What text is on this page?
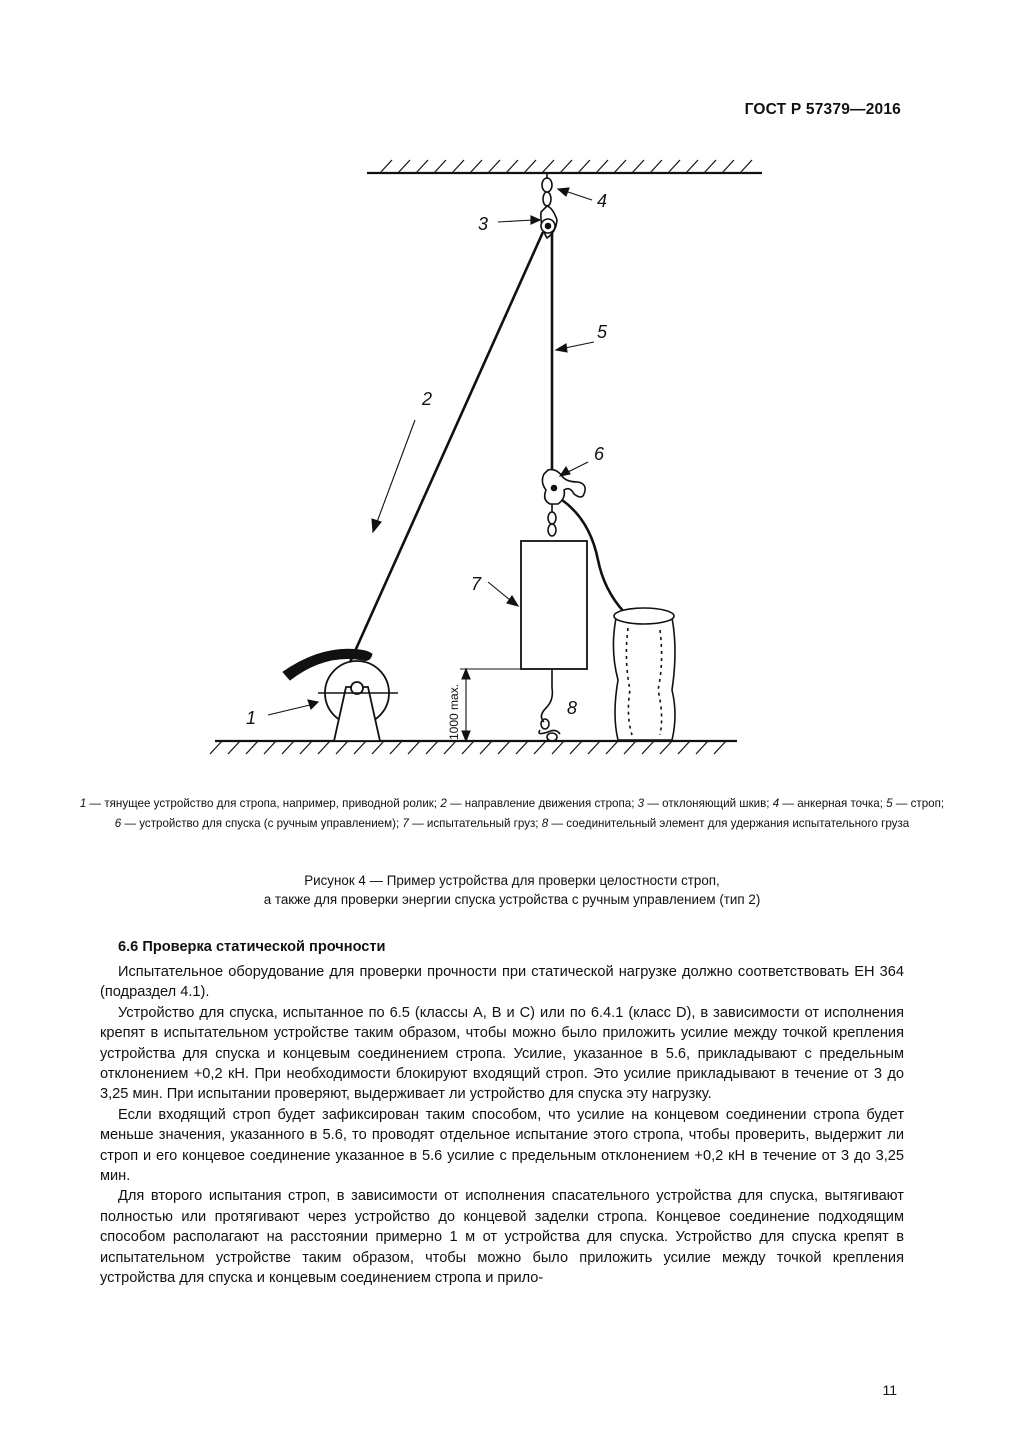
ГОСТ Р 57379—2016
1000 max.
4
3
5
2
6
7
8
1
1 — тянущее устройство для стропа, например, приводной ролик; 2 — направление движения стропа; 3 — отклоняющий шкив; 4 — анкерная точка; 5 — строп; 6 — устройство для спуска (с ручным управлением); 7 — испытательный груз; 8 — соединительный элемент для удержания испытательного груза
Рисунок 4 — Пример устройства для проверки целостности строп,
а также для проверки энергии спуска устройства с ручным управлением (тип 2)
6.6 Проверка статической прочности

Испытательное оборудование для проверки прочности при статической нагрузке должно соответствовать ЕН 364 (подраздел 4.1).

Устройство для спуска, испытанное по 6.5 (классы А, В и С) или по 6.4.1 (класс D), в зависимости от исполнения крепят в испытательном устройстве таким образом, чтобы можно было приложить усилие между точкой крепления устройства для спуска и концевым соединением стропа. Усилие, указанное в 5.6, прикладывают с предельным отклонением +0,2 кН. При необходимости блокируют входящий строп. Это усилие прикладывают в течение от 3 до 3,25 мин. При испытании проверяют, выдерживает ли устройство для спуска эту нагрузку.

Если входящий строп будет зафиксирован таким способом, что усилие на концевом соединении стропа будет меньше значения, указанного в 5.6, то проводят отдельное испытание этого стропа, чтобы проверить, выдержит ли строп и его концевое соединение указанное в 5.6 усилие с предельным отклонением +0,2 кН в течение от 3 до 3,25 мин.

Для второго испытания строп, в зависимости от исполнения спасательного устройства для спуска, вытягивают полностью или протягивают через устройство до концевой заделки стропа. Концевое соединение подходящим способом располагают на расстоянии примерно 1 м от устройства для спуска. Устройство для спуска крепят в испытательном устройстве таким образом, чтобы можно было приложить усилие между точкой крепления устройства для спуска и концевым соединением стропа и прило-

11
